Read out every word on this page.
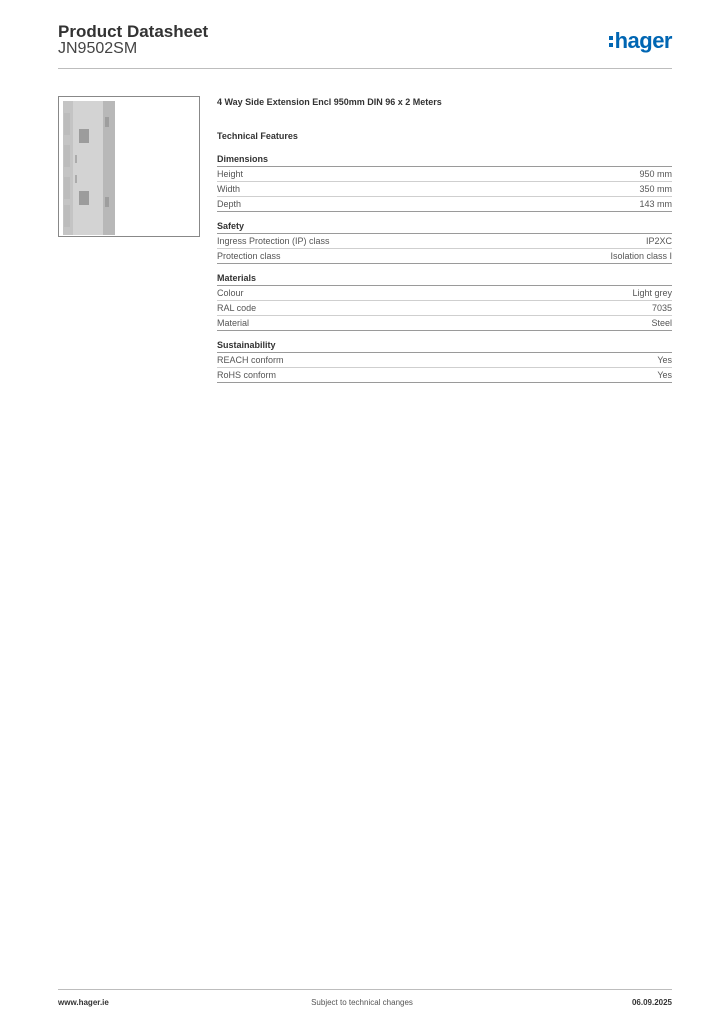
Product Datasheet
JN9502SM	hager
4 Way Side Extension Encl 950mm DIN 96 x 2 Meters
Technical Features
Dimensions
Height	950 mm
Width	350 mm
Depth	143 mm
Safety
Ingress Protection (IP) class	IP2XC
Protection class	Isolation class I
Materials
Colour	Light grey
RAL code	7035
Material	Steel
Sustainability
REACH conform	Yes
RoHS conform	Yes
www.hager.ie	Subject to technical changes	06.09.2025
